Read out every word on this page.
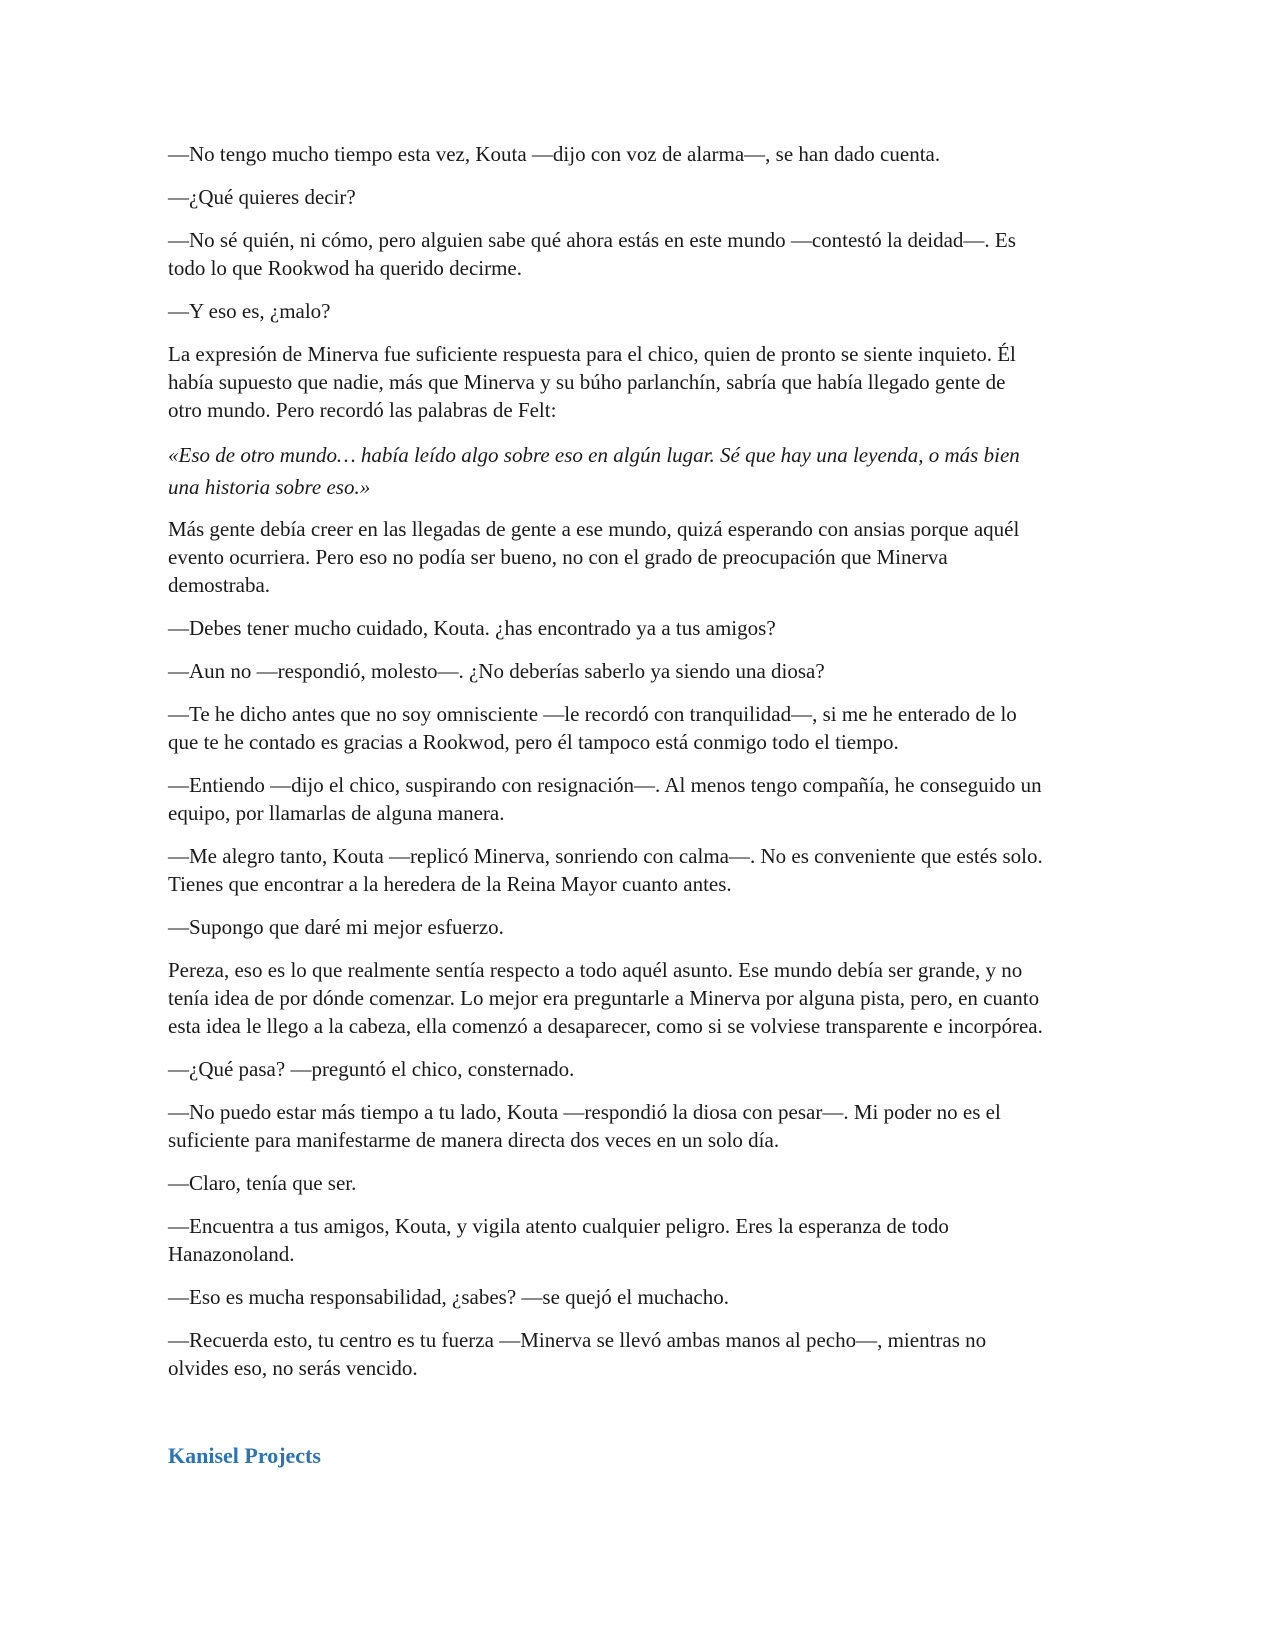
—No tengo mucho tiempo esta vez, Kouta —dijo con voz de alarma—, se han dado cuenta.

—¿Qué quieres decir?

—No sé quién, ni cómo, pero alguien sabe qué ahora estás en este mundo —contestó la deidad—. Es todo lo que Rookwod ha querido decirme.

—Y eso es, ¿malo?

La expresión de Minerva fue suficiente respuesta para el chico, quien de pronto se siente inquieto. Él había supuesto que nadie, más que Minerva y su búho parlanchín, sabría que había llegado gente de otro mundo. Pero recordó las palabras de Felt:

«Eso de otro mundo… había leído algo sobre eso en algún lugar. Sé que hay una leyenda, o más bien una historia sobre eso.»

Más gente debía creer en las llegadas de gente a ese mundo, quizá esperando con ansias porque aquél evento ocurriera. Pero eso no podía ser bueno, no con el grado de preocupación que Minerva demostraba.

—Debes tener mucho cuidado, Kouta. ¿has encontrado ya a tus amigos?

—Aun no —respondió, molesto—. ¿No deberías saberlo ya siendo una diosa?

—Te he dicho antes que no soy omnisciente —le recordó con tranquilidad—, si me he enterado de lo que te he contado es gracias a Rookwod, pero él tampoco está conmigo todo el tiempo.

—Entiendo —dijo el chico, suspirando con resignación—. Al menos tengo compañía, he conseguido un equipo, por llamarlas de alguna manera.

—Me alegro tanto, Kouta —replicó Minerva, sonriendo con calma—. No es conveniente que estés solo. Tienes que encontrar a la heredera de la Reina Mayor cuanto antes.

—Supongo que daré mi mejor esfuerzo.

Pereza, eso es lo que realmente sentía respecto a todo aquél asunto. Ese mundo debía ser grande, y no tenía idea de por dónde comenzar. Lo mejor era preguntarle a Minerva por alguna pista, pero, en cuanto esta idea le llego a la cabeza, ella comenzó a desaparecer, como si se volviese transparente e incorpórea.

—¿Qué pasa? —preguntó el chico, consternado.

—No puedo estar más tiempo a tu lado, Kouta —respondió la diosa con pesar—. Mi poder no es el suficiente para manifestarme de manera directa dos veces en un solo día.

—Claro, tenía que ser.

—Encuentra a tus amigos, Kouta, y vigila atento cualquier peligro. Eres la esperanza de todo Hanazonoland.

—Eso es mucha responsabilidad, ¿sabes? —se quejó el muchacho.

—Recuerda esto, tu centro es tu fuerza —Minerva se llevó ambas manos al pecho—, mientras no olvides eso, no serás vencido.

Kanisel Projects
